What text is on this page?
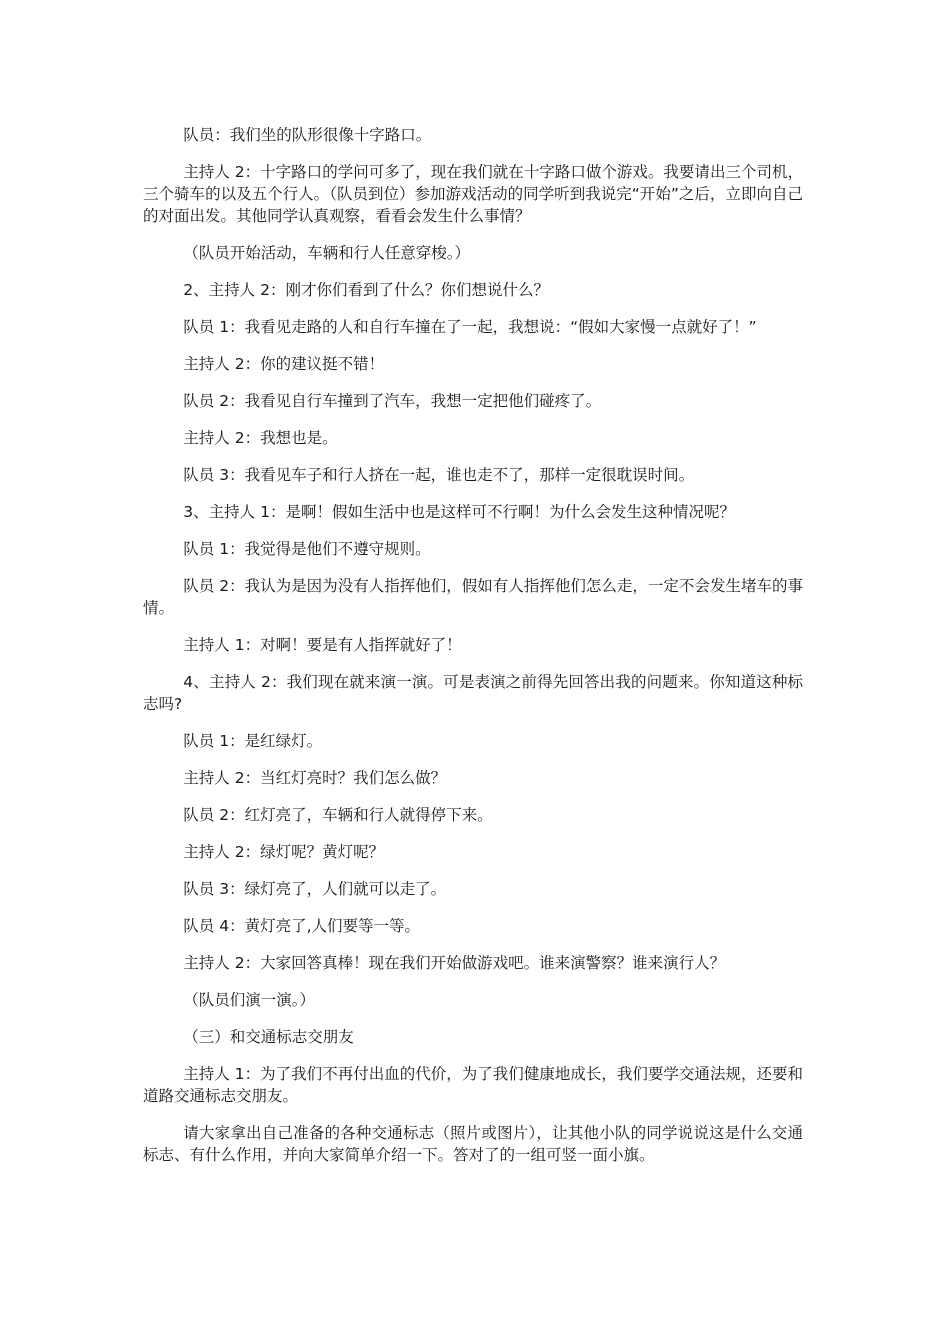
队员：我们坐的队形很像十字路口。

主持人 2：十字路口的学问可多了，现在我们就在十字路口做个游戏。我要请出三个司机，三个骑车的以及五个行人。（队员到位）参加游戏活动的同学听到我说完“开始”之后，立即向自己的对面出发。其他同学认真观察，看看会发生什么事情？

（队员开始活动，车辆和行人任意穿梭。）

2、主持人 2：刚才你们看到了什么？你们想说什么？

队员 1：我看见走路的人和自行车撞在了一起，我想说：“假如大家慢一点就好了！”

主持人 2：你的建议挺不错！

队员 2：我看见自行车撞到了汽车，我想一定把他们碰疼了。

主持人 2：我想也是。

队员 3：我看见车子和行人挤在一起，谁也走不了，那样一定很耽误时间。

3、主持人 1：是啊！假如生活中也是这样可不行啊！为什么会发生这种情况呢？

队员 1：我觉得是他们不遵守规则。

队员 2：我认为是因为没有人指挥他们，假如有人指挥他们怎么走，一定不会发生堵车的事情。

主持人 1：对啊！要是有人指挥就好了！

4、主持人 2：我们现在就来演一演。可是表演之前得先回答出我的问题来。你知道这种标志吗?

队员 1：是红绿灯。

主持人 2：当红灯亮时？我们怎么做？

队员 2：红灯亮了，车辆和行人就得停下来。

主持人 2：绿灯呢？黄灯呢？

队员 3：绿灯亮了，人们就可以走了。

队员 4：黄灯亮了,人们要等一等。

主持人 2：大家回答真棒！现在我们开始做游戏吧。谁来演警察？谁来演行人？

（队员们演一演。）

（三）和交通标志交朋友

主持人 1：为了我们不再付出血的代价，为了我们健康地成长，我们要学交通法规，还要和道路交通标志交朋友。

请大家拿出自己准备的各种交通标志（照片或图片），让其他小队的同学说说这是什么交通标志、有什么作用，并向大家简单介绍一下。答对了的一组可竖一面小旗。
